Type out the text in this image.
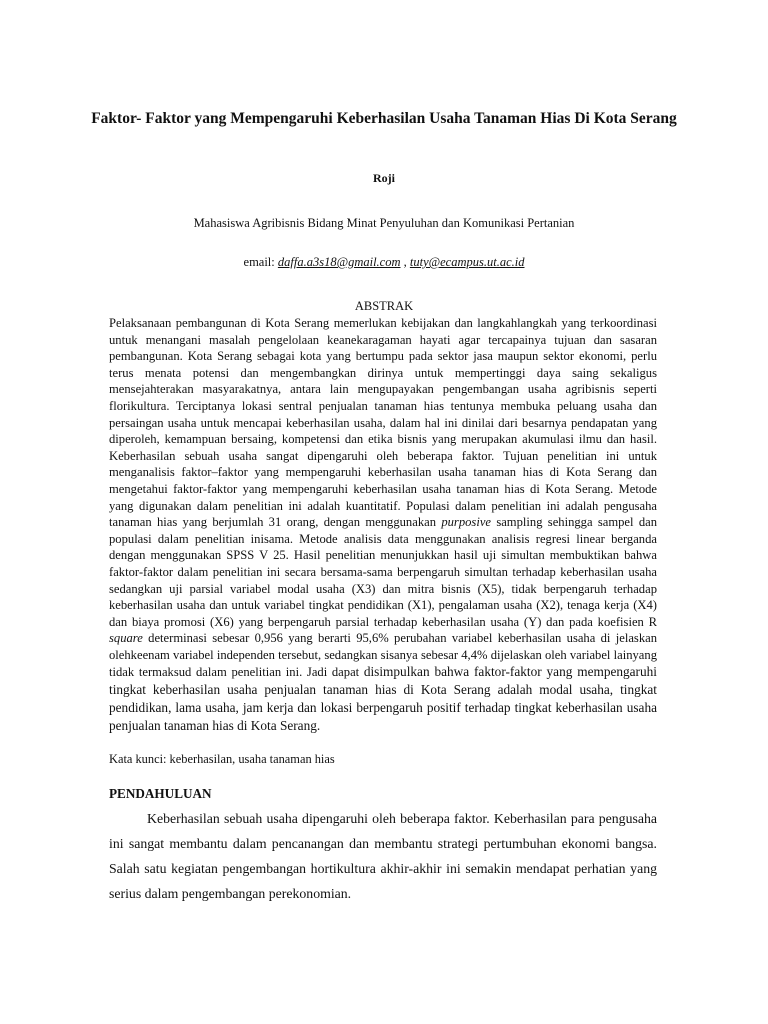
Faktor- Faktor yang Mempengaruhi Keberhasilan Usaha Tanaman Hias Di Kota Serang

Roji

Mahasiswa Agribisnis Bidang Minat Penyuluhan dan Komunikasi Pertanian

email: daffa.a3s18@gmail.com , tuty@ecampus.ut.ac.id

ABSTRAK

Pelaksanaan pembangunan di Kota Serang memerlukan kebijakan dan langkahlangkah yang terkoordinasi untuk menangani masalah pengelolaan keanekaragaman hayati agar tercapainya tujuan dan sasaran pembangunan. Kota Serang sebagai kota yang bertumpu pada sektor jasa maupun sektor ekonomi, perlu terus menata potensi dan mengembangkan dirinya untuk mempertinggi daya saing sekaligus mensejahterakan masyarakatnya, antara lain mengupayakan pengembangan usaha agribisnis seperti florikultura. Terciptanya lokasi sentral penjualan tanaman hias tentunya membuka peluang usaha dan persaingan usaha untuk mencapai keberhasilan usaha, dalam hal ini dinilai dari besarnya pendapatan yang diperoleh, kemampuan bersaing, kompetensi dan etika bisnis yang merupakan akumulasi ilmu dan hasil. Keberhasilan sebuah usaha sangat dipengaruhi oleh beberapa faktor. Tujuan penelitian ini untuk menganalisis faktor–faktor yang mempengaruhi keberhasilan usaha tanaman hias di Kota Serang dan mengetahui faktor-faktor yang mempengaruhi keberhasilan usaha tanaman hias di Kota Serang. Metode yang digunakan dalam penelitian ini adalah kuantitatif. Populasi dalam penelitian ini adalah pengusaha tanaman hias yang berjumlah 31 orang, dengan menggunakan purposive sampling sehingga sampel dan populasi dalam penelitian inisama. Metode analisis data menggunakan analisis regresi linear berganda dengan menggunakan SPSS V 25. Hasil penelitian menunjukkan hasil uji simultan membuktikan bahwa faktor-faktor dalam penelitian ini secara bersama-sama berpengaruh simultan terhadap keberhasilan usaha sedangkan uji parsial variabel modal usaha (X3) dan mitra bisnis (X5), tidak berpengaruh terhadap keberhasilan usaha dan untuk variabel tingkat pendidikan (X1), pengalaman usaha (X2), tenaga kerja (X4) dan biaya promosi (X6) yang berpengaruh parsial terhadap keberhasilan usaha (Y) dan pada koefisien R square determinasi sebesar 0,956 yang berarti 95,6% perubahan variabel keberhasilan usaha di jelaskan olehkeenam variabel independen tersebut, sedangkan sisanya sebesar 4,4% dijelaskan oleh variabel lainyang tidak termaksud dalam penelitian ini. Jadi dapat disimpulkan bahwa faktor-faktor yang mempengaruhi tingkat keberhasilan usaha penjualan tanaman hias di Kota Serang adalah modal usaha, tingkat pendidikan, lama usaha, jam kerja dan lokasi berpengaruh positif terhadap tingkat keberhasilan usaha penjualan tanaman hias di Kota Serang.

Kata kunci: keberhasilan, usaha tanaman hias

PENDAHULUAN

Keberhasilan sebuah usaha dipengaruhi oleh beberapa faktor. Keberhasilan para pengusaha ini sangat membantu dalam pencanangan dan membantu strategi pertumbuhan ekonomi bangsa. Salah satu kegiatan pengembangan hortikultura akhir-akhir ini semakin mendapat perhatian yang serius dalam pengembangan perekonomian.
